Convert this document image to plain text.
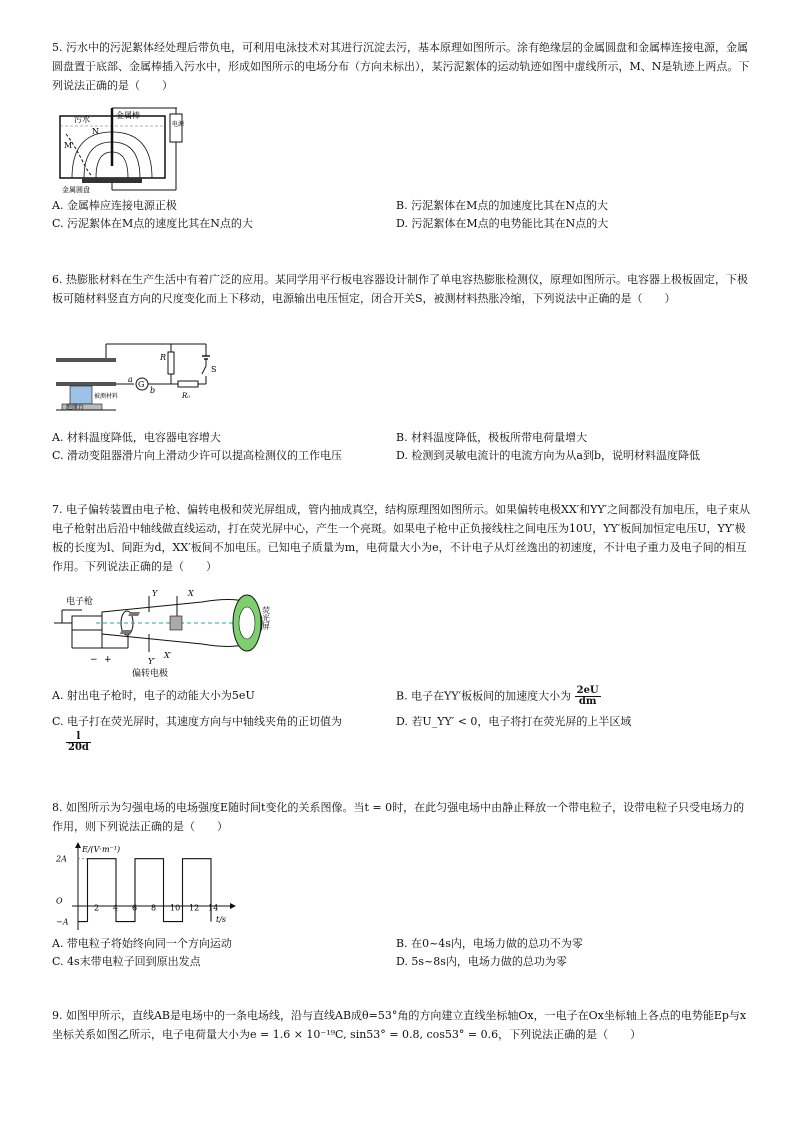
5. 污水中的污泥絮体经处理后带负电，可利用电泳技术对其进行沉淀去污，基本原理如图所示。涂有绝缘层的金属圆盘和金属棒连接电源，金属圆盘置于底部、金属棒插入污水中，形成如图所示的电场分布（方向未标出），某污泥絮体的运动轨迹如图中虚线所示，M、N是轨迹上两点。下列说法正确的是（　　）
污水	金属棒
电源
M
N
金属圆盘
A. 金属棒应连接电源正极	B. 污泥絮体在M点的加速度比其在N点的大
C. 污泥絮体在M点的速度比其在N点的大	D. 污泥絮体在M点的电势能比其在N点的大
6. 热膨胀材料在生产生活中有着广泛的应用。某同学用平行板电容器设计制作了单电容热膨胀检测仪，原理如图所示。电容器上极板固定，下极板可随材料竖直方向的尺度变化而上下移动，电源输出电压恒定，闭合开关S，被测材料热胀冷缩，下列说法中正确的是（　　）
G
R
S
a
b
R₀
被测材料
绝缘台
A. 材料温度降低，电容器电容增大	B. 材料温度降低，极板所带电荷量增大
C. 滑动变阻器滑片向上滑动少许可以提高检测仪的工作电压	D. 检测到灵敏电流计的电流方向为从a到b，说明材料温度降低
7. 电子偏转装置由电子枪、偏转电极和荧光屏组成，管内抽成真空，结构原理图如图所示。如果偏转电极XX′和YY′之间都没有加电压，电子束从电子枪射出后沿中轴线做直线运动，打在荧光屏中心，产生一个亮斑。如果电子枪中正负接线柱之间电压为10U，YY′板间加恒定电压U，YY′极板的长度为l、间距为d，XX′板间不加电压。已知电子质量为m，电荷量大小为e，不计电子从灯丝逸出的初速度，不计电子重力及电子间的相互作用。下列说法正确的是（　　）
电子枪
荧光屏
偏转电极
Y	X
X′
Y′
− +
A. 射出电子枪时，电子的动能大小为5eU	B. 电子在YY′板板间的加速度大小为 $\frac{2eU}{dm}$
C. 电子打在荧光屏时，其速度方向与中轴线夹角的正切值为
$\frac{l}{20d}$
D. 若U_YY′ < 0，电子将打在荧光屏的上半区域
8. 如图所示为匀强电场的电场强度E随时间t变化的关系图像。当t = 0时，在此匀强电场中由静止释放一个带电粒子，设带电粒子只受电场力的作用，则下列说法正确的是（　　）
E/(V·m⁻¹)
t/s
2A
O
−A
2 4 6 8 10 12 14
A. 带电粒子将始终向同一个方向运动	B. 在0~4s内，电场力做的总功不为零
C. 4s末带电粒子回到原出发点	D. 5s~8s内，电场力做的总功为零
9. 如图甲所示，直线AB是电场中的一条电场线，沿与直线AB成θ=53°角的方向建立直线坐标轴Ox，一电子在Ox坐标轴上各点的电势能Ep与x坐标关系如图乙所示，电子电荷量大小为e = 1.6 × 10⁻¹⁹C, sin53° = 0.8, cos53° = 0.6，下列说法正确的是（　　）
